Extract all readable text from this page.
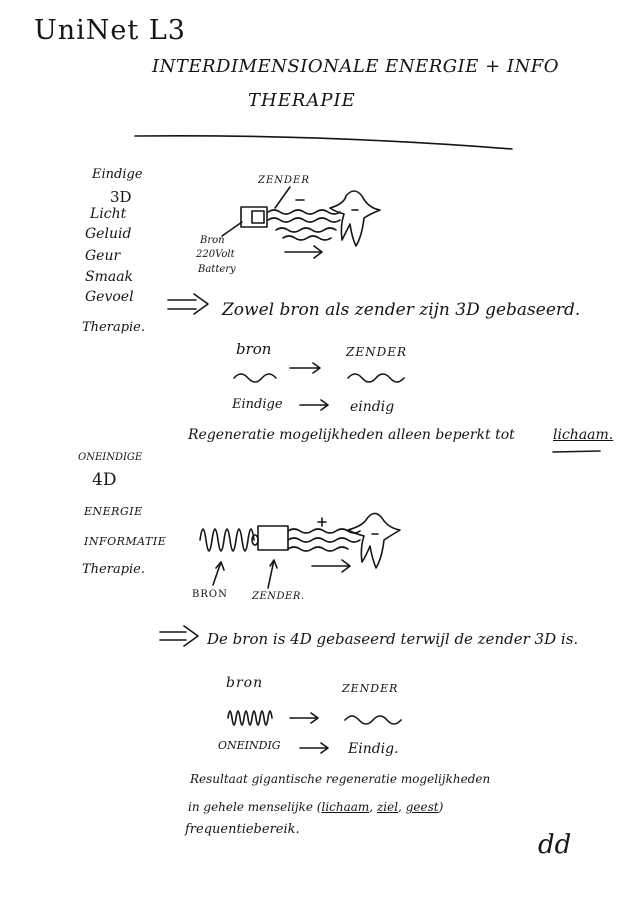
UniNet L3
INTERDIMENSIONALE ENERGIE + INFO
THERAPIE
Eindige
3D
Licht
Geluid
Geur
Smaak
Gevoel
Therapie.
ZENDER
Bron
220Volt
Battery
Zowel bron als zender zijn 3D gebaseerd.
bron	ZENDER
Eindige	eindig
Regeneratie mogelijkheden alleen beperkt tot	lichaam.
ONEINDIGE
4D
ENERGIE
INFORMATIE
Therapie.
BRON ZENDER.
De bron is 4D gebaseerd terwijl de zender 3D is.
bron	ZENDER
ONEINDIG	Eindig.
Resultaat gigantische regeneratie mogelijkheden
in gehele menselijke (lichaam, ziel, geest)
frequentiebereik.
dd
